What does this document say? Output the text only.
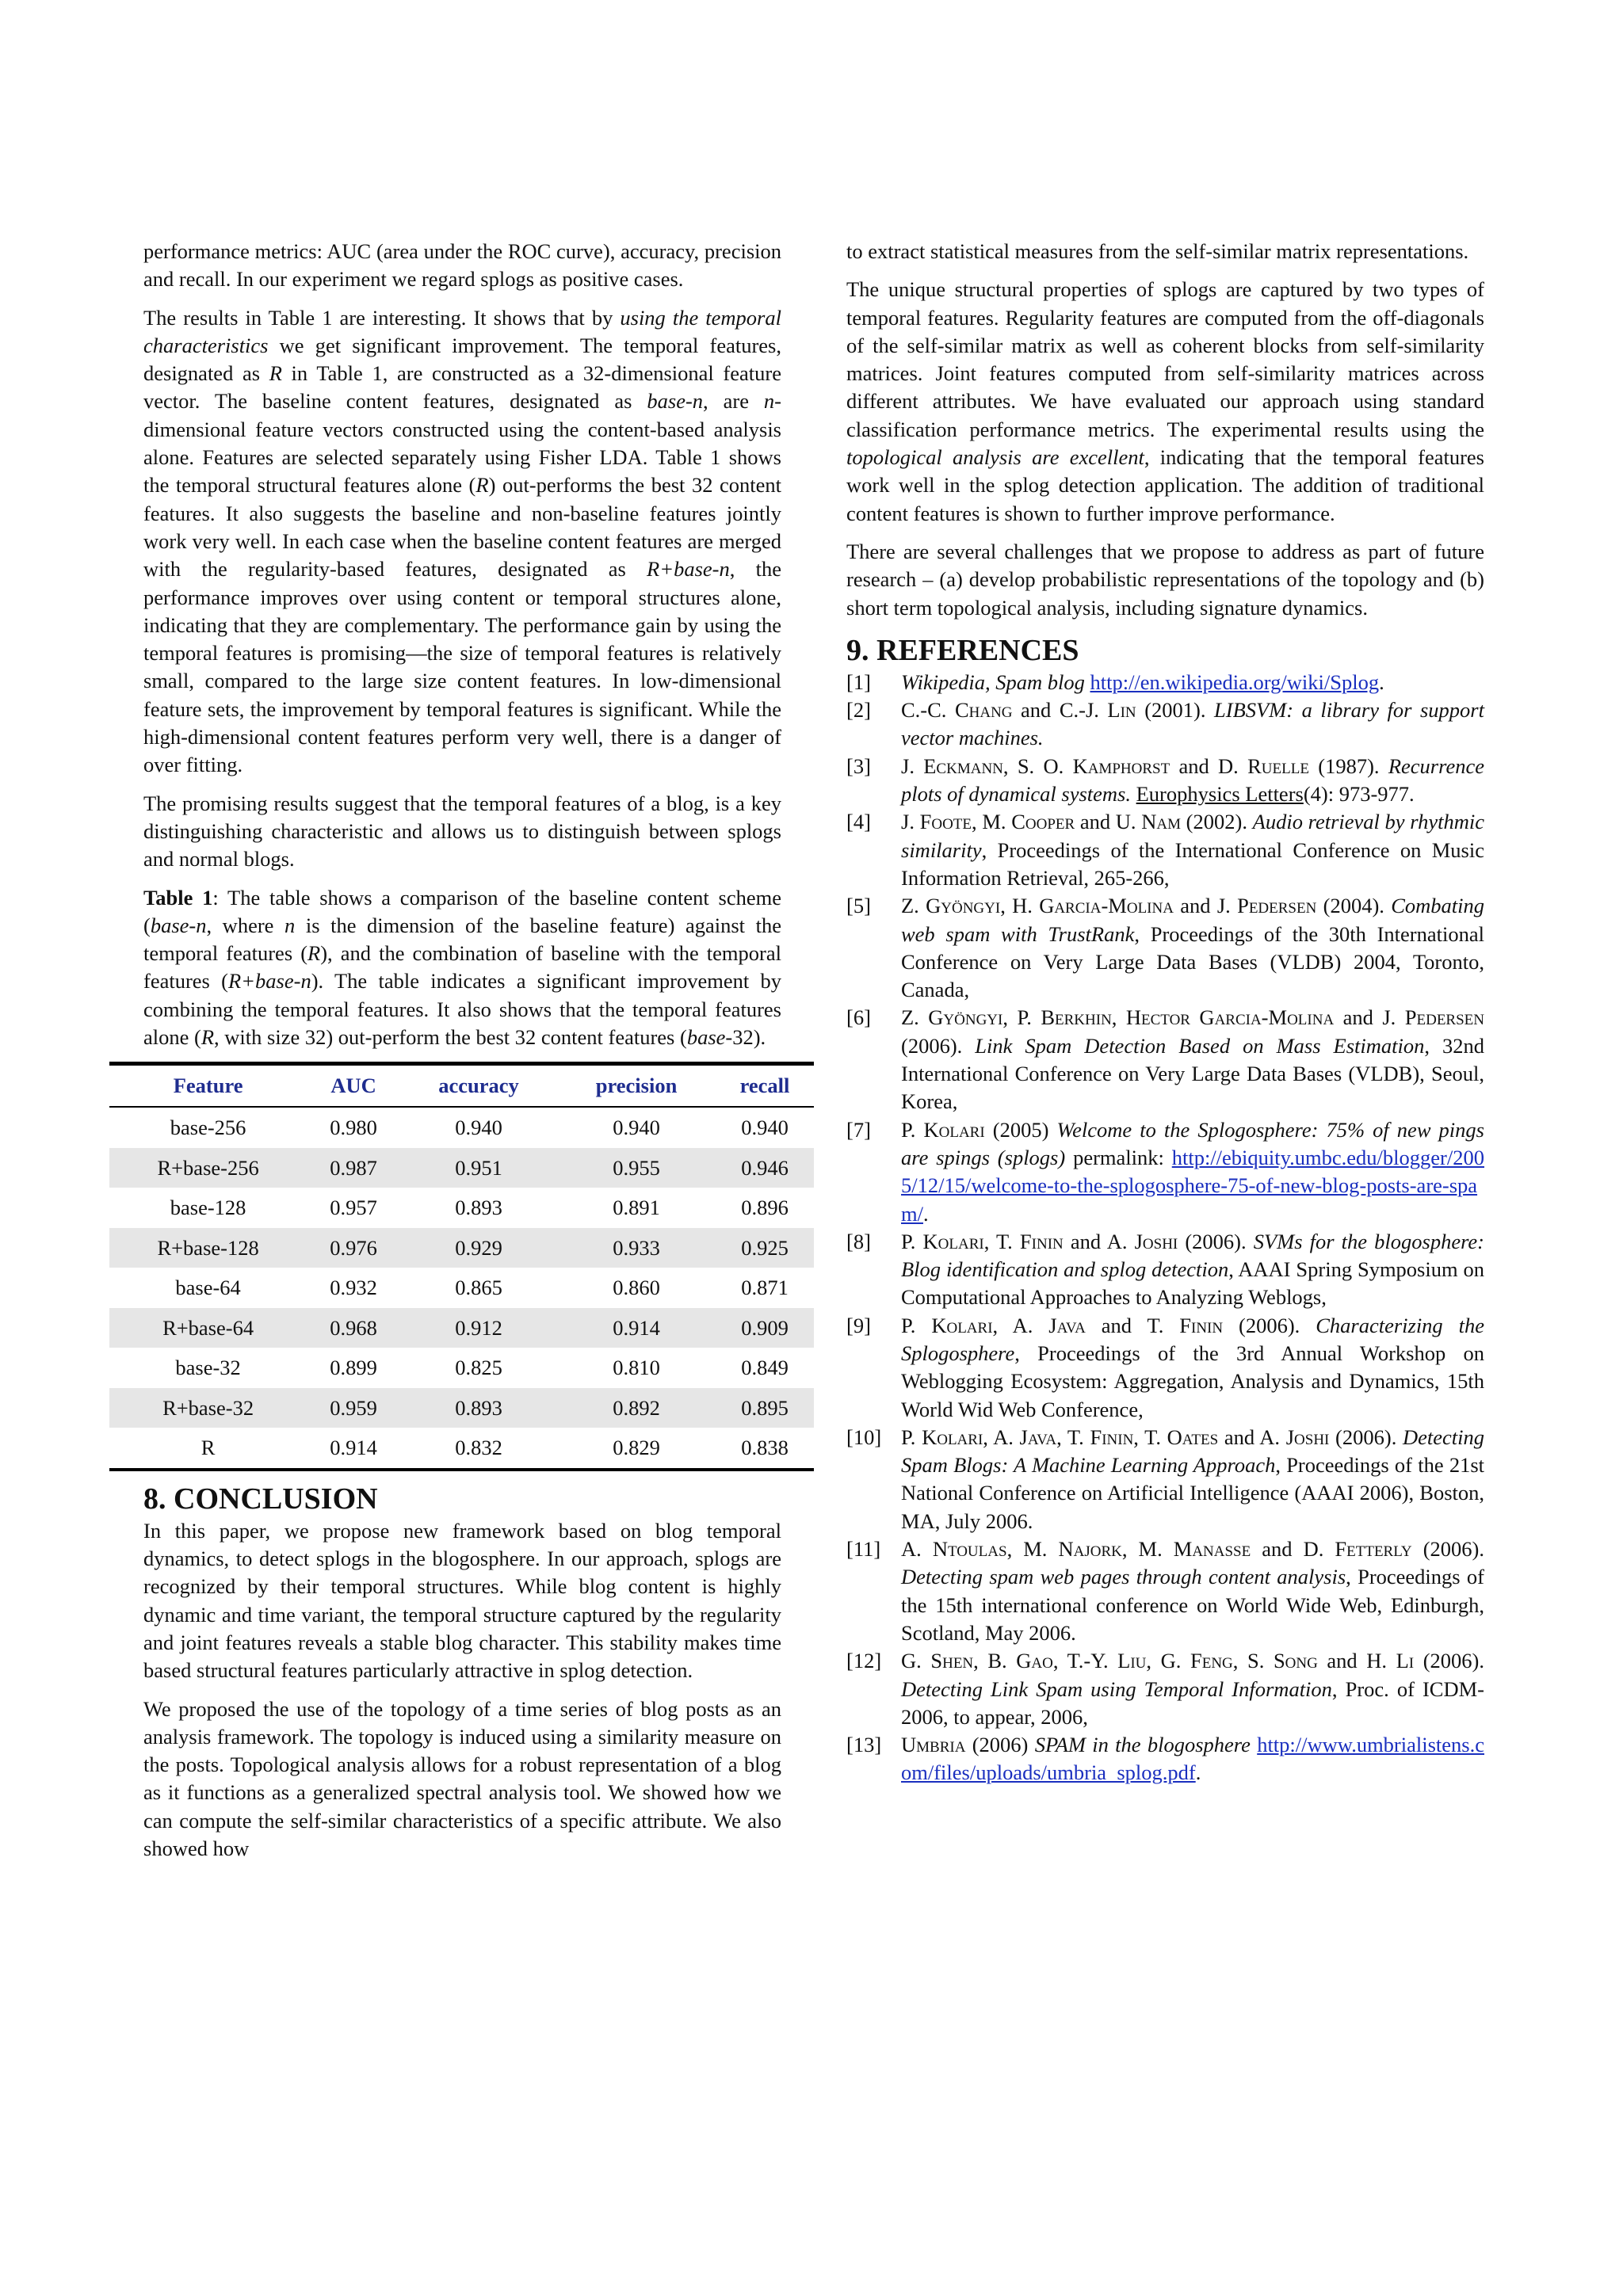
performance metrics: AUC (area under the ROC curve), accuracy, precision and recall. In our experiment we regard splogs as positive cases.

The results in Table 1 are interesting. It shows that by using the temporal characteristics we get significant improvement. The temporal features, designated as R in Table 1, are constructed as a 32-dimensional feature vector. The baseline content features, designated as base-n, are n-dimensional feature vectors constructed using the content-based analysis alone. Features are selected separately using Fisher LDA. Table 1 shows the temporal structural features alone (R) out-performs the best 32 content features. It also suggests the baseline and non-baseline features jointly work very well. In each case when the baseline content features are merged with the regularity-based features, designated as R+base-n, the performance improves over using content or temporal structures alone, indicating that they are complementary. The performance gain by using the temporal features is promising—the size of temporal features is relatively small, compared to the large size content features. In low-dimensional feature sets, the improvement by temporal features is significant. While the high-dimensional content features perform very well, there is a danger of over fitting.

The promising results suggest that the temporal features of a blog, is a key distinguishing characteristic and allows us to distinguish between splogs and normal blogs.

Table 1: The table shows a comparison of the baseline content scheme (base-n, where n is the dimension of the baseline feature) against the temporal features (R), and the combination of baseline with the temporal features (R+base-n). The table indicates a significant improvement by combining the temporal features. It also shows that the temporal features alone (R, with size 32) out-perform the best 32 content features (base-32).

Feature	AUC	accuracy	precision	recall
base-256	0.980	0.940	0.940	0.940
R+base-256	0.987	0.951	0.955	0.946
base-128	0.957	0.893	0.891	0.896
R+base-128	0.976	0.929	0.933	0.925
base-64	0.932	0.865	0.860	0.871
R+base-64	0.968	0.912	0.914	0.909
base-32	0.899	0.825	0.810	0.849
R+base-32	0.959	0.893	0.892	0.895
R	0.914	0.832	0.829	0.838
8. CONCLUSION

In this paper, we propose new framework based on blog temporal dynamics, to detect splogs in the blogosphere. In our approach, splogs are recognized by their temporal structures. While blog content is highly dynamic and time variant, the temporal structure captured by the regularity and joint features reveals a stable blog character. This stability makes time based structural features particularly attractive in splog detection.

We proposed the use of the topology of a time series of blog posts as an analysis framework. The topology is induced using a similarity measure on the posts. Topological analysis allows for a robust representation of a blog as it functions as a generalized spectral analysis tool. We showed how we can compute the self-similar characteristics of a specific attribute. We also showed how

to extract statistical measures from the self-similar matrix representations.

The unique structural properties of splogs are captured by two types of temporal features. Regularity features are computed from the off-diagonals of the self-similar matrix as well as coherent blocks from self-similarity matrices. Joint features computed from self-similarity matrices across different attributes. We have evaluated our approach using standard classification performance metrics. The experimental results using the topological analysis are excellent, indicating that the temporal features work well in the splog detection application. The addition of traditional content features is shown to further improve performance.

There are several challenges that we propose to address as part of future research – (a) develop probabilistic representations of the topology and (b) short term topological analysis, including signature dynamics.

9. REFERENCES
[1]	Wikipedia, Spam blog http://en.wikipedia.org/wiki/Splog.
[2]	C.-C. Chang and C.-J. Lin (2001). LIBSVM: a library for support vector machines.
[3]	J. Eckmann, S. O. Kamphorst and D. Ruelle (1987). Recurrence plots of dynamical systems. Europhysics Letters(4): 973-977.
[4]	J. Foote, M. Cooper and U. Nam (2002). Audio retrieval by rhythmic similarity, Proceedings of the International Conference on Music Information Retrieval, 265-266,
[5]	Z. Gyöngyi, H. Garcia-Molina and J. Pedersen (2004). Combating web spam with TrustRank, Proceedings of the 30th International Conference on Very Large Data Bases (VLDB) 2004, Toronto, Canada,
[6]	Z. Gyöngyi, P. Berkhin, Hector Garcia-Molina and J. Pedersen (2006). Link Spam Detection Based on Mass Estimation, 32nd International Conference on Very Large Data Bases (VLDB), Seoul, Korea,
[7]	P. Kolari (2005) Welcome to the Splogosphere: 75% of new pings are spings (splogs) permalink: http://ebiquity.umbc.edu/blogger/2005/12/15/welcome-to-the-splogosphere-75-of-new-blog-posts-are-spam/.
[8]	P. Kolari, T. Finin and A. Joshi (2006). SVMs for the blogosphere: Blog identification and splog detection, AAAI Spring Symposium on Computational Approaches to Analyzing Weblogs,
[9]	P. Kolari, A. Java and T. Finin (2006). Characterizing the Splogosphere, Proceedings of the 3rd Annual Workshop on Weblogging Ecosystem: Aggregation, Analysis and Dynamics, 15th World Wid Web Conference,
[10] P. Kolari, A. Java, T. Finin, T. Oates and A. Joshi (2006). Detecting Spam Blogs: A Machine Learning Approach, Proceedings of the 21st National Conference on Artificial Intelligence (AAAI 2006), Boston, MA, July 2006.
[11] A. Ntoulas, M. Najork, M. Manasse and D. Fetterly (2006). Detecting spam web pages through content analysis, Proceedings of the 15th international conference on World Wide Web, Edinburgh, Scotland, May 2006.
[12] G. Shen, B. Gao, T.-Y. Liu, G. Feng, S. Song and H. Li (2006). Detecting Link Spam using Temporal Information, Proc. of ICDM-2006, to appear, 2006,
[13] Umbria (2006) SPAM in the blogosphere http://www.umbrialistens.com/files/uploads/umbria_splog.pdf.
